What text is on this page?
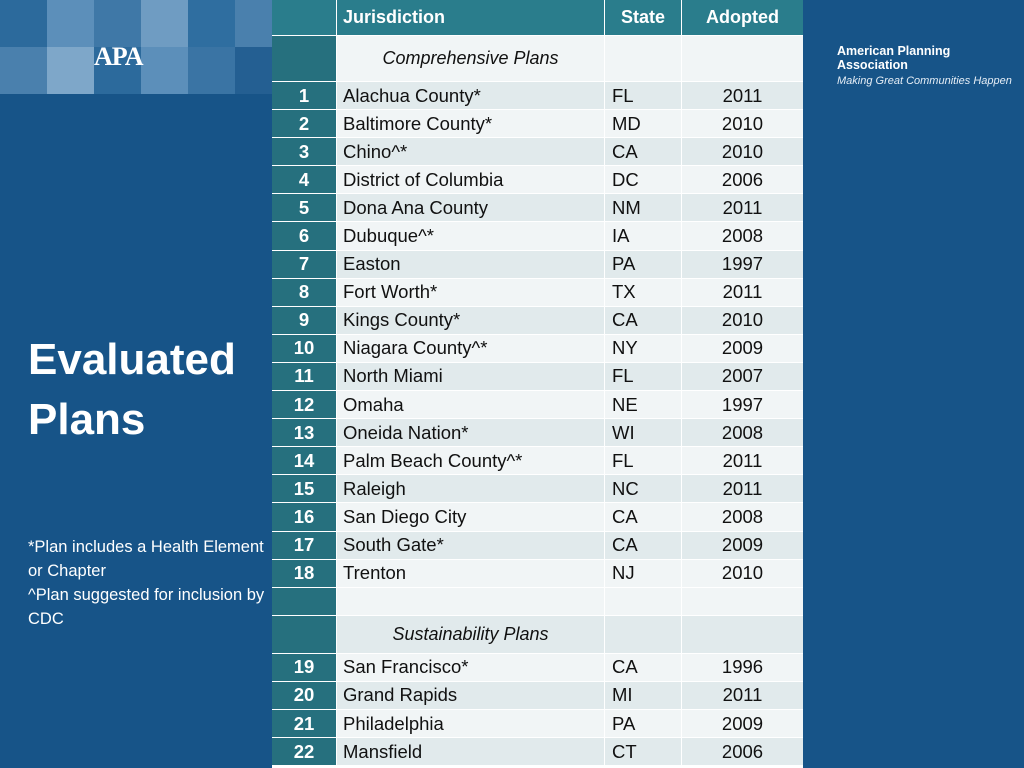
APA	American Planning Association
Making Great Communities Happen
Evaluated
Plans
*Plan includes a Health Element or Chapter
^Plan suggested for inclusion by CDC
Jurisdiction	State	Adopted
Comprehensive Plans
1	Alachua County*	FL	2011
2	Baltimore County*	MD	2010
3	Chino^*	CA	2010
4	District of Columbia	DC	2006
5	Dona Ana County	NM	2011
6	Dubuque^*	IA	2008
7	Easton	PA	1997
8	Fort Worth*	TX	2011
9	Kings County*	CA	2010
10	Niagara County^*	NY	2009
11	North Miami	FL	2007
12	Omaha	NE	1997
13	Oneida Nation*	WI	2008
14	Palm Beach County^*	FL	2011
15	Raleigh	NC	2011
16	San Diego City	CA	2008
17	South Gate*	CA	2009
18	Trenton	NJ	2010
Sustainability Plans
19	San Francisco*	CA	1996
20	Grand Rapids	MI	2011
21	Philadelphia	PA	2009
22	Mansfield	CT	2006
